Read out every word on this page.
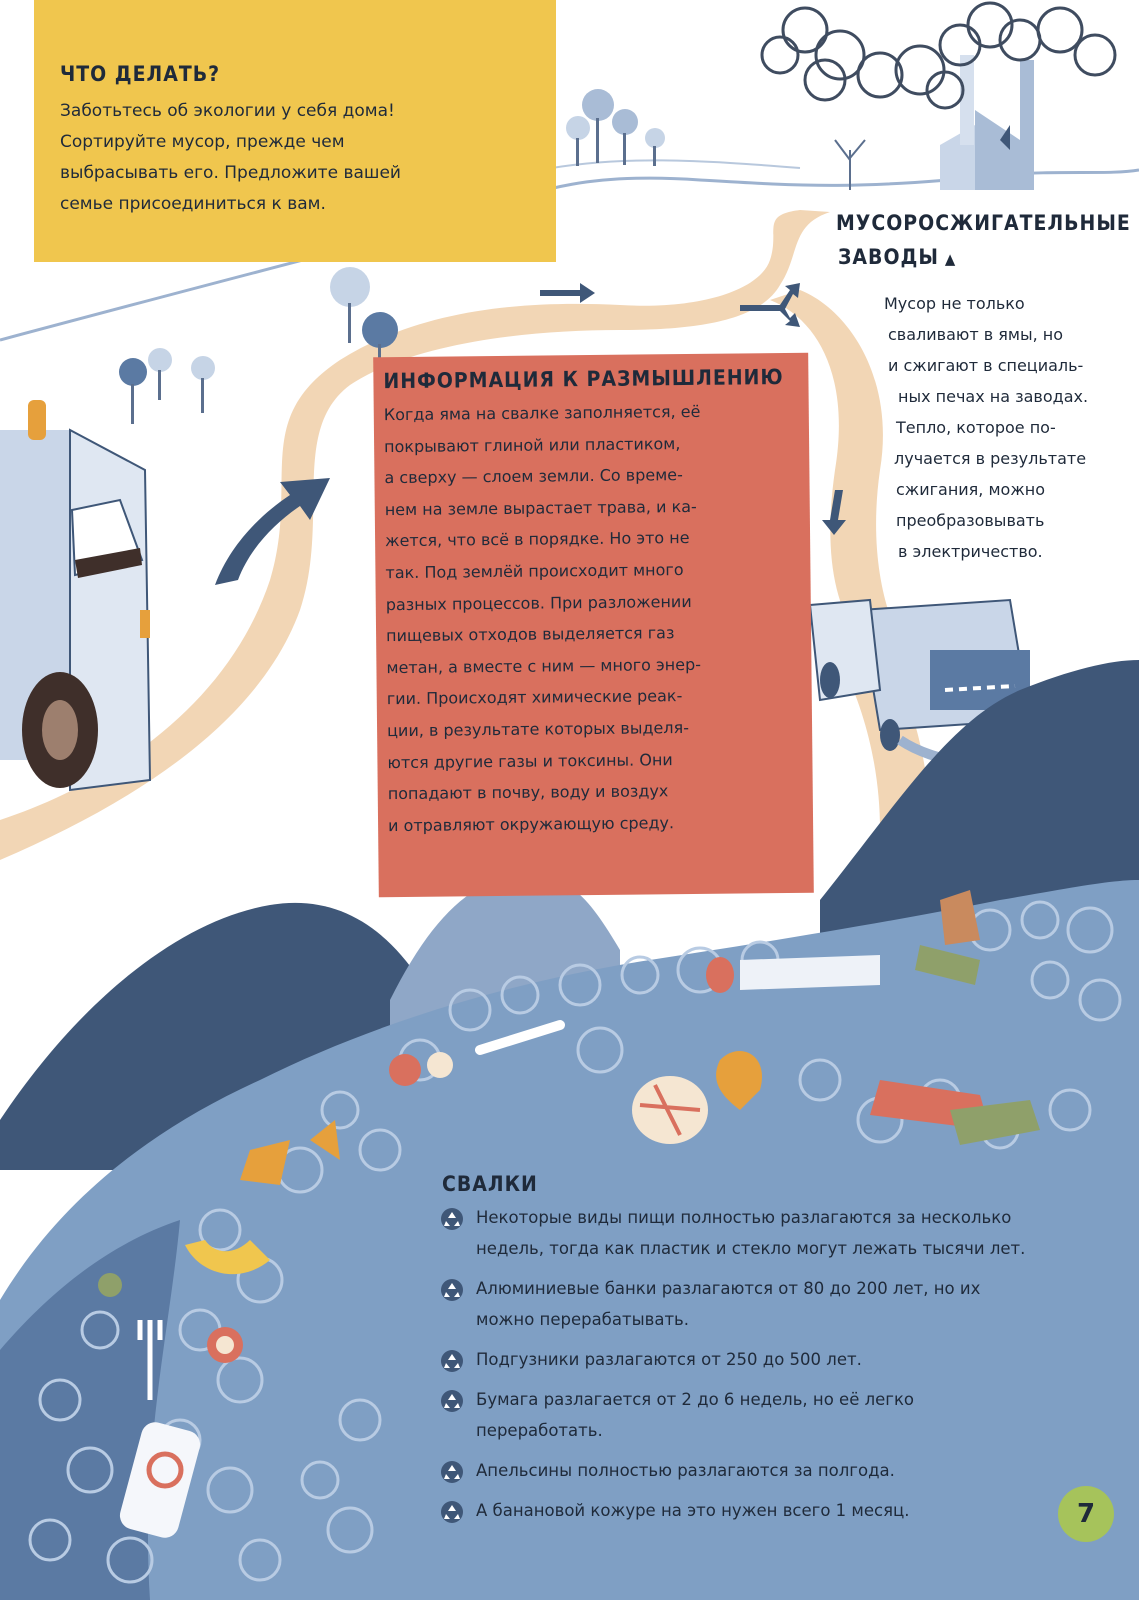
ЧТО ДЕЛАТЬ?

Заботьтесь об экологии у себя дома!

Сортируйте мусор, прежде чем

выбрасывать его. Предложите вашей

семье присоединиться к вам.

МУСОРОСЖИГАТЕЛЬНЫЕ
ЗАВОДЫ ▲
Мусор не только
сваливают в ямы, но
и сжигают в специаль-
ных печах на заводах.
Тепло, которое по-
лучается в результате
сжигания, можно
преобразовывать
в электричество.
ИНФОРМАЦИЯ К РАЗМЫШЛЕНИЮ
Когда яма на свалке заполняется, её
покрывают глиной или пластиком,
а сверху — слоем земли. Со време-
нем на земле вырастает трава, и ка-
жется, что всё в порядке. Но это не
так. Под землёй происходит много
разных процессов. При разложении
пищевых отходов выделяется газ
метан, а вместе с ним — много энер-
гии. Происходят химические реак-
ции, в результате которых выделя-
ются другие газы и токсины. Они
попадают в почву, воду и воздух
и отравляют окружающую среду.
СВАЛКИ
Некоторые виды пищи полностью разлагаются за несколько
недель, тогда как пластик и стекло могут лежать тысячи лет.
Алюминиевые банки разлагаются от 80 до 200 лет, но их
можно перерабатывать.
Подгузники разлагаются от 250 до 500 лет.
Бумага разлагается от 2 до 6 недель, но её легко
переработать.
Апельсины полностью разлагаются за полгода.
А банановой кожуре на это нужен всего 1 месяц.	7
